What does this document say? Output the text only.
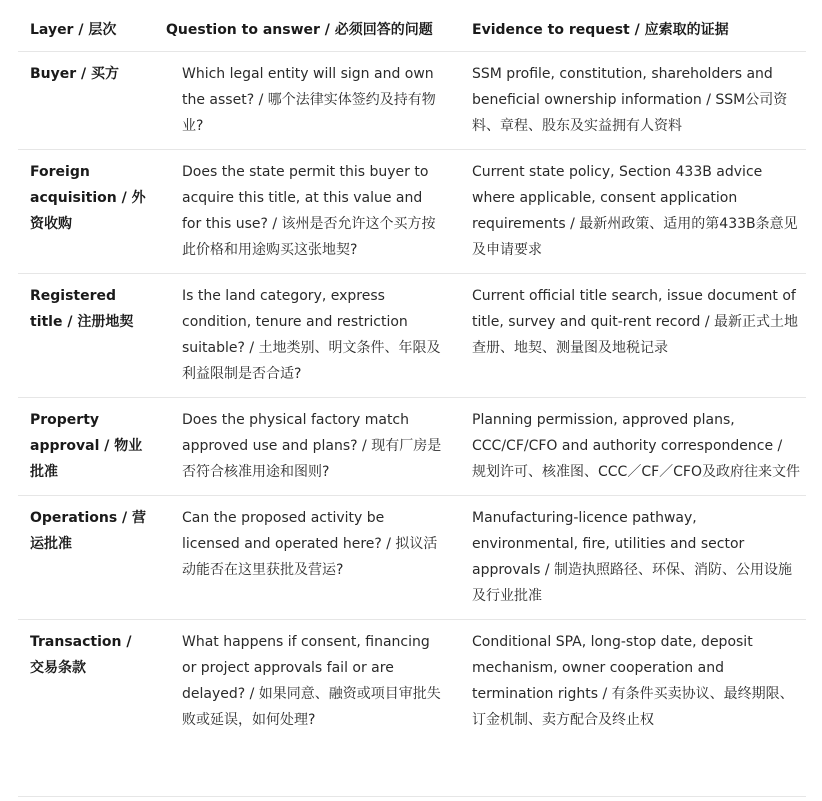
Layer / 层次	Question to answer / 必须回答的问题	Evidence to request / 应索取的证据
Buyer / 买方	Which legal entity will sign and own the asset? / 哪个法律实体签约及持有物业?	SSM profile, constitution, shareholders and beneficial ownership information / SSM公司资料、章程、股东及实益拥有人资料
Foreign acquisition / 外资收购	Does the state permit this buyer to acquire this title, at this value and for this use? / 该州是否允许这个买方按此价格和用途购买这张地契?	Current state policy, Section 433B advice where applicable, consent application requirements / 最新州政策、适用的第433B条意见及申请要求
Registered title / 注册地契	Is the land category, express condition, tenure and restriction suitable? / 土地类别、明文条件、年限及利益限制是否合适?	Current official title search, issue document of title, survey and quit-rent record / 最新正式土地查册、地契、测量图及地税记录
Property approval / 物业批准	Does the physical factory match approved use and plans? / 现有厂房是否符合核准用途和图则?	Planning permission, approved plans, CCC/CF/CFO and authority correspondence / 规划许可、核准图、CCC／CF／CFO及政府往来文件
Operations / 营运批准	Can the proposed activity be licensed and operated here? / 拟议活动能否在这里获批及营运?	Manufacturing-licence pathway, environmental, fire, utilities and sector approvals / 制造执照路径、环保、消防、公用设施及行业批准
Transaction / 交易条款	What happens if consent, financing or project approvals fail or are delayed? / 如果同意、融资或项目审批失败或延误，如何处理?	Conditional SPA, long-stop date, deposit mechanism, owner cooperation and termination rights / 有条件买卖协议、最终期限、订金机制、卖方配合及终止权
